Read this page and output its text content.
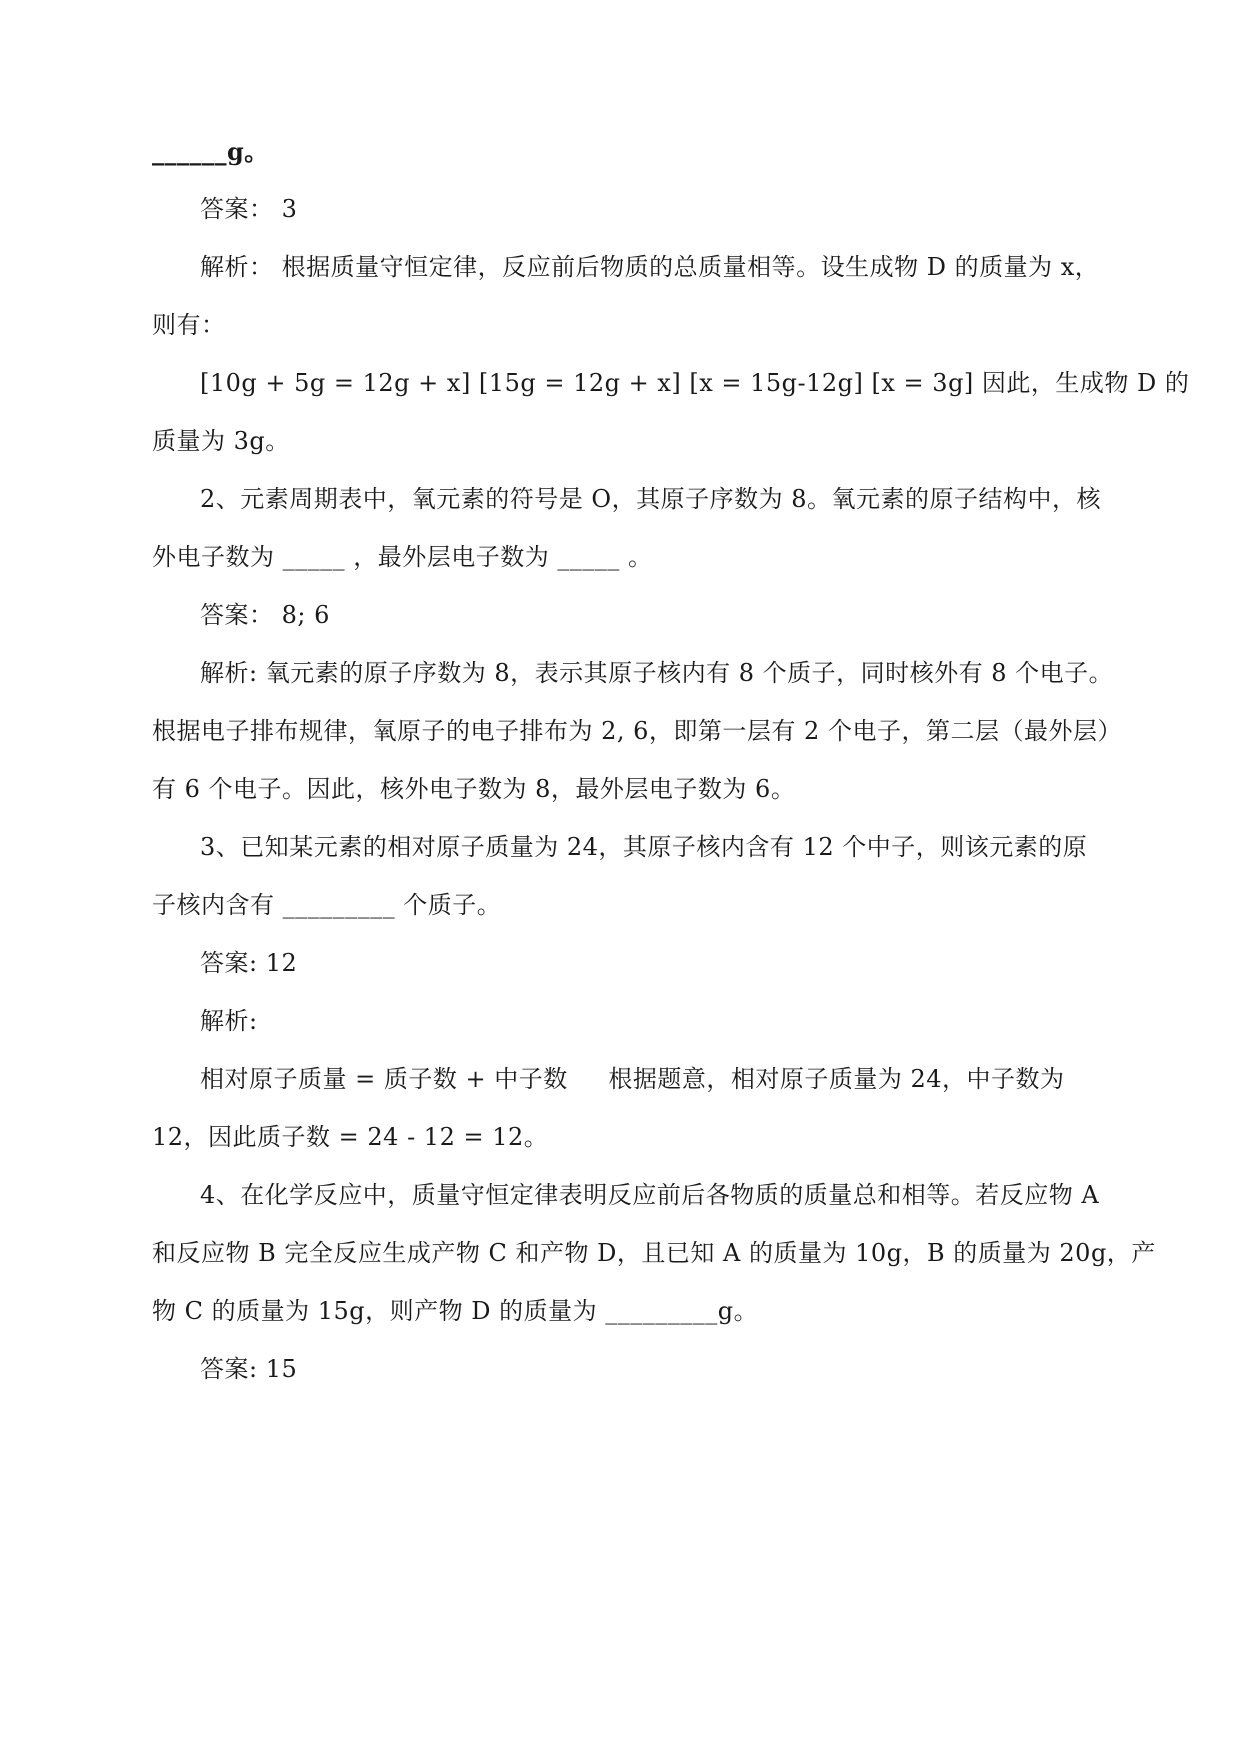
______g。
答案： 3
解析： 根据质量守恒定律，反应前后物质的总质量相等。设生成物 D 的质量为 x，
则有：
[10g + 5g = 12g + x] [15g = 12g + x] [x = 15g-12g] [x = 3g] 因此，生成物 D 的
质量为 3g。
2、元素周期表中，氧元素的符号是 O，其原子序数为 8。氧元素的原子结构中，核
外电子数为 _____ ，最外层电子数为 _____ 。
答案： 8; 6
解析: 氧元素的原子序数为 8，表示其原子核内有 8 个质子，同时核外有 8 个电子。
根据电子排布规律，氧原子的电子排布为 2, 6，即第一层有 2 个电子，第二层（最外层）
有 6 个电子。因此，核外电子数为 8，最外层电子数为 6。
3、已知某元素的相对原子质量为 24，其原子核内含有 12 个中子，则该元素的原
子核内含有 _________ 个质子。
答案: 12
解析:
相对原子质量 = 质子数 + 中子数     根据题意，相对原子质量为 24，中子数为
12，因此质子数 = 24 - 12 = 12。
4、在化学反应中，质量守恒定律表明反应前后各物质的质量总和相等。若反应物 A
和反应物 B 完全反应生成产物 C 和产物 D，且已知 A 的质量为 10g，B 的质量为 20g，产
物 C 的质量为 15g，则产物 D 的质量为 _________g。
答案: 15
